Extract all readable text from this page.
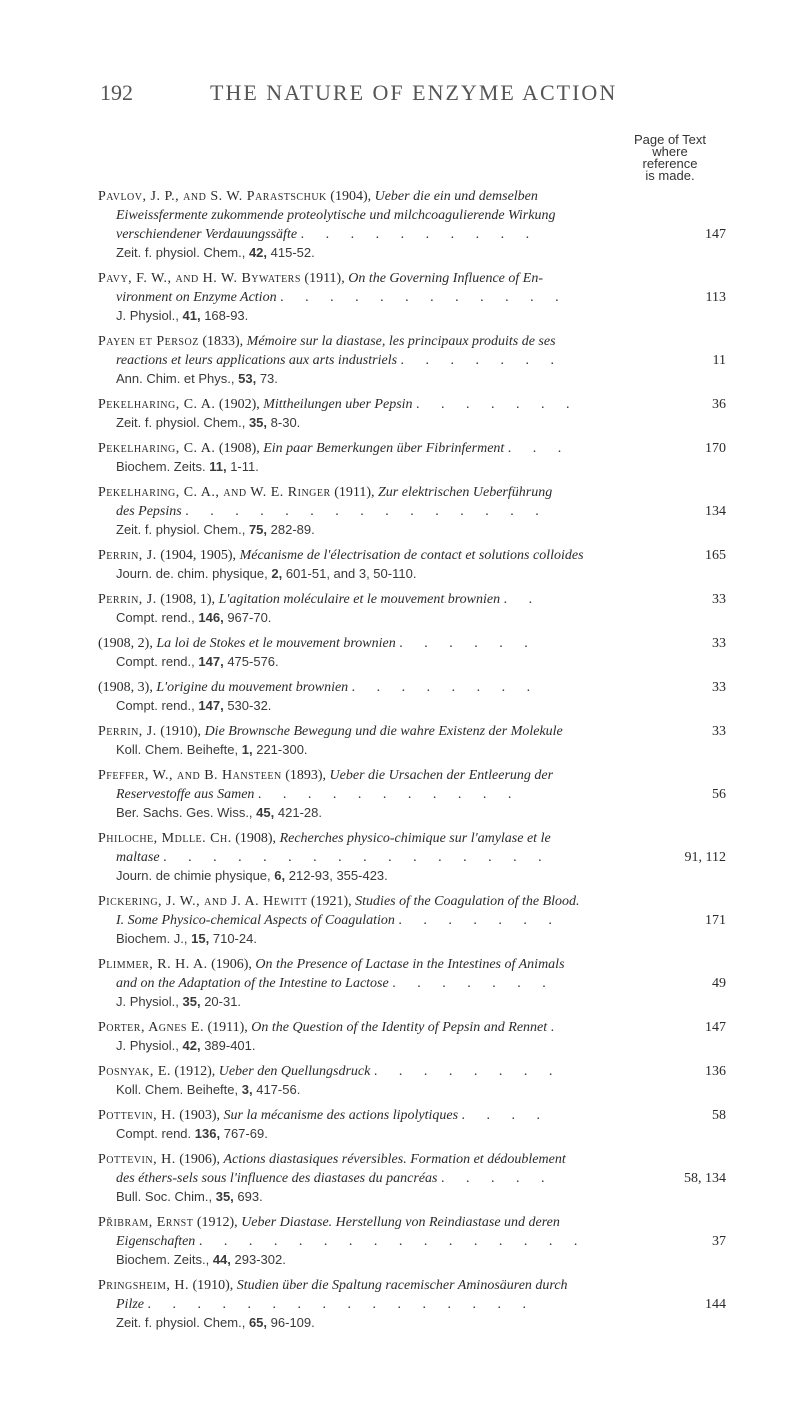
192	THE NATURE OF ENZYME ACTION
Page of Text
where
reference
is made.
Pavlov, J. P., and S. W. Parastschuk (1904), Ueber die ein und demselben
Eiweissfermente zukommende proteolytische und milchcoagulierende Wirkung
verschiendener Verdauungssäfte . . . . . . . . . .	147
Zeit. f. physiol. Chem., 42, 415-52.
Pavy, F. W., and H. W. Bywaters (1911), On the Governing Influence of En-
vironment on Enzyme Action . . . . . . . . . . . .	113
J. Physiol., 41, 168-93.
Payen et Persoz (1833), Mémoire sur la diastase, les principaux produits de ses
reactions et leurs applications aux arts industriels . . . . . . .	11
Ann. Chim. et Phys., 53, 73.
Pekelharing, C. A. (1902), Mittheilungen uber Pepsin . . . . . . .	36
Zeit. f. physiol. Chem., 35, 8-30.
Pekelharing, C. A. (1908), Ein paar Bemerkungen über Fibrinferment . . .	170
Biochem. Zeits. 11, 1-11.
Pekelharing, C. A., and W. E. Ringer (1911), Zur elektrischen Ueberführung
des Pepsins . . . . . . . . . . . . . . .	134
Zeit. f. physiol. Chem., 75, 282-89.
Perrin, J. (1904, 1905), Mécanisme de l'électrisation de contact et solutions colloides	165
Journ. de. chim. physique, 2, 601-51, and 3, 50-110.
Perrin, J. (1908, 1), L'agitation moléculaire et le mouvement brownien . .	33
Compt. rend., 146, 967-70.
(1908, 2), La loi de Stokes et le mouvement brownien . . . . . .	33
Compt. rend., 147, 475-576.
(1908, 3), L'origine du mouvement brownien . . . . . . . .	33
Compt. rend., 147, 530-32.
Perrin, J. (1910), Die Brownsche Bewegung und die wahre Existenz der Molekule	33
Koll. Chem. Beihefte, 1, 221-300.
Pfeffer, W., and B. Hansteen (1893), Ueber die Ursachen der Entleerung der
Reservestoffe aus Samen . . . . . . . . . . .	56
Ber. Sachs. Ges. Wiss., 45, 421-28.
Philoche, Mdlle. Ch. (1908), Recherches physico-chimique sur l'amylase et le
maltase . . . . . . . . . . . . . . . .	91, 112
Journ. de chimie physique, 6, 212-93, 355-423.
Pickering, J. W., and J. A. Hewitt (1921), Studies of the Coagulation of the Blood.
I. Some Physico-chemical Aspects of Coagulation . . . . . . .	171
Biochem. J., 15, 710-24.
Plimmer, R. H. A. (1906), On the Presence of Lactase in the Intestines of Animals
and on the Adaptation of the Intestine to Lactose . . . . . . .	49
J. Physiol., 35, 20-31.
Porter, Agnes E. (1911), On the Question of the Identity of Pepsin and Rennet .	147
J. Physiol., 42, 389-401.
Posnyak, E. (1912), Ueber den Quellungsdruck . . . . . . . .	136
Koll. Chem. Beihefte, 3, 417-56.
Pottevin, H. (1903), Sur la mécanisme des actions lipolytiques . . . .	58
Compt. rend. 136, 767-69.
Pottevin, H. (1906), Actions diastasiques réversibles. Formation et dédoublement
des éthers-sels sous l'influence des diastases du pancréas . . . . .	58, 134
Bull. Soc. Chim., 35, 693.
Přibram, Ernst (1912), Ueber Diastase. Herstellung von Reindiastase und deren
Eigenschaften . . . . . . . . . . . . . . . .	37
Biochem. Zeits., 44, 293-302.
Pringsheim, H. (1910), Studien über die Spaltung racemischer Aminosäuren durch
Pilze . . . . . . . . . . . . . . . .	144
Zeit. f. physiol. Chem., 65, 96-109.
